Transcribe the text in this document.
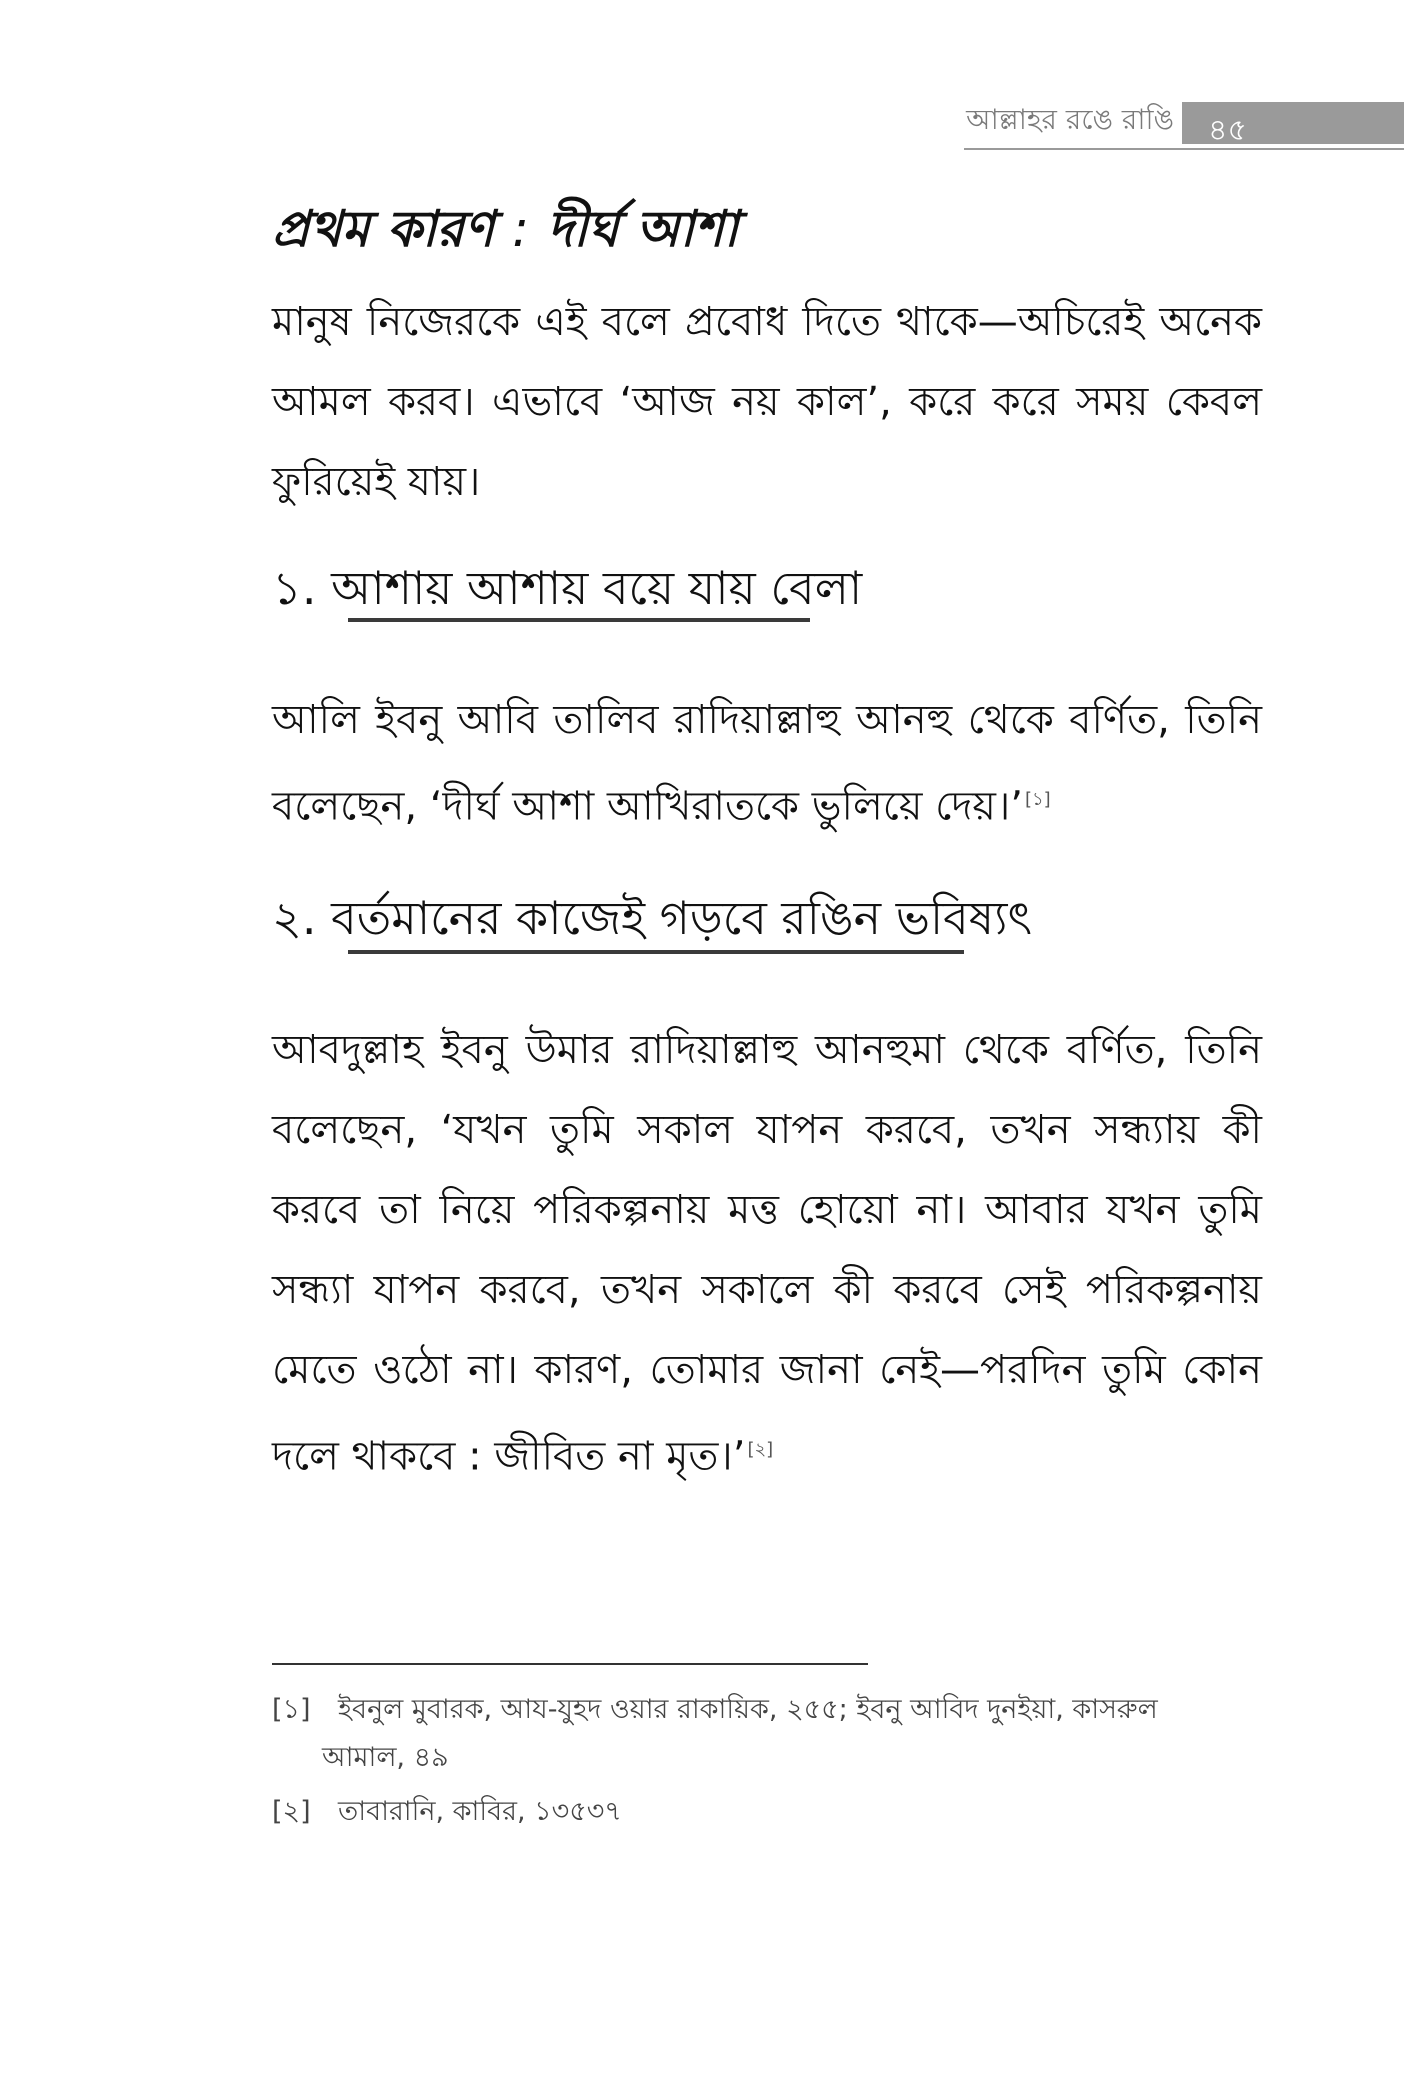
আল্লাহর রঙে রাঙি ৪৫
প্রথম কারণ : দীর্ঘ আশা

মানুষ নিজেরকে এই বলে প্রবোধ দিতে থাকে—অচিরেই অনেক আমল করব। এভাবে ‘আজ নয় কাল’, করে করে সময় কেবল ফুরিয়েই যায়।

১. আশায় আশায় বয়ে যায় বেলা

আলি ইবনু আবি তালিব রাদিয়াল্লাহু আনহু থেকে বর্ণিত, তিনি বলেছেন, ‘দীর্ঘ আশা আখিরাতকে ভুলিয়ে দেয়।’ [১]

২. বর্তমানের কাজেই গড়বে রঙিন ভবিষ্যৎ

আবদুল্লাহ ইবনু উমার রাদিয়াল্লাহু আনহুমা থেকে বর্ণিত, তিনি বলেছেন, ‘যখন তুমি সকাল যাপন করবে, তখন সন্ধ্যায় কী করবে তা নিয়ে পরিকল্পনায় মত্ত হোয়ো না। আবার যখন তুমি সন্ধ্যা যাপন করবে, তখন সকালে কী করবে সেই পরিকল্পনায় মেতে ওঠো না। কারণ, তোমার জানা নেই—পরদিন তুমি কোন দলে থাকবে : জীবিত না মৃত।’ [২]

[১] ইবনুল মুবারক, আয-যুহদ ওয়ার রাকায়িক, ২৫৫; ইবনু আবিদ দুনইয়া, কাসরুল
আমাল, ৪৯

[২] তাবারানি, কাবির, ১৩৫৩৭
